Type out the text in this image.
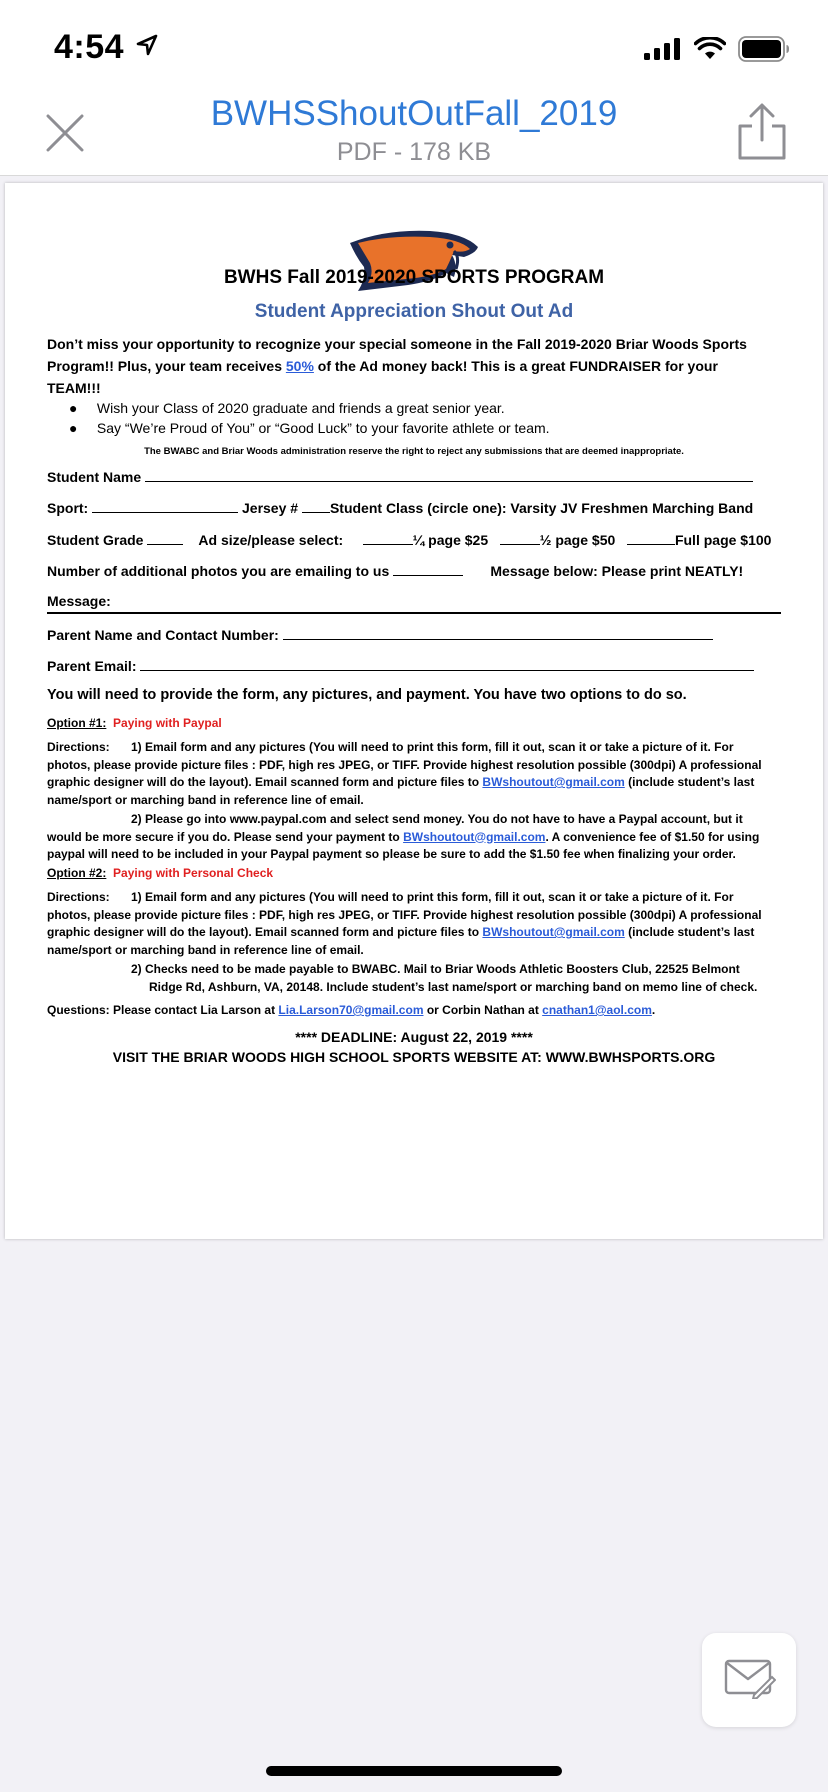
4:54
BWHSShoutOutFall_2019
PDF - 178 KB
BWHS Fall 2019-2020 SPORTS PROGRAM
Student Appreciation Shout Out Ad
Don’t miss your opportunity to recognize your special someone in the Fall 2019-2020 Briar Woods Sports
Program!! Plus, your team receives 50% of the Ad money back! This is a great FUNDRAISER for your
TEAM!!!
●     Wish your Class of 2020 graduate and friends a great senior year.
●     Say “We’re Proud of You” or “Good Luck” to your favorite athlete or team.
The BWABC and Briar Woods administration reserve the right to reject any submissions that are deemed inappropriate.
Student Name
Sport:	Jersey # Student Class (circle one): Varsity JV Freshmen Marching Band
Student Grade	Ad size/please select:	¼ page $25	½ page $50	Full page $100
Number of additional photos you are emailing to us	Message below: Please print NEATLY!
Message:
Parent Name and Contact Number:
Parent Email:
You will need to provide the form, any pictures, and payment. You have two options to do so.
Option #1: Paying with Paypal
Directions: 1) Email form and any pictures (You will need to print this form, fill it out, scan it or take a picture of it. For
photos, please provide picture files : PDF, high res JPEG, or TIFF. Provide highest resolution possible (300dpi) A professional
graphic designer will do the layout). Email scanned form and picture files to BWshoutout@gmail.com (include student’s last
name/sport or marching band in reference line of email.
2) Please go into www.paypal.com and select send money. You do not have to have a Paypal account, but it
would be more secure if you do. Please send your payment to BWshoutout@gmail.com. A convenience fee of $1.50 for using
paypal will need to be included in your Paypal payment so please be sure to add the $1.50 fee when finalizing your order.
Option #2: Paying with Personal Check
Directions: 1) Email form and any pictures (You will need to print this form, fill it out, scan it or take a picture of it. For
photos, please provide picture files : PDF, high res JPEG, or TIFF. Provide highest resolution possible (300dpi) A professional
graphic designer will do the layout). Email scanned form and picture files to BWshoutout@gmail.com (include student’s last
name/sport or marching band in reference line of email.
2) Checks need to be made payable to BWABC. Mail to Briar Woods Athletic Boosters Club, 22525 Belmont
Ridge Rd, Ashburn, VA, 20148. Include student’s last name/sport or marching band on memo line of check.
Questions: Please contact Lia Larson at Lia.Larson70@gmail.com or Corbin Nathan at cnathan1@aol.com.
**** DEADLINE: August 22, 2019 ****
VISIT THE BRIAR WOODS HIGH SCHOOL SPORTS WEBSITE AT: WWW.BWHSPORTS.ORG
